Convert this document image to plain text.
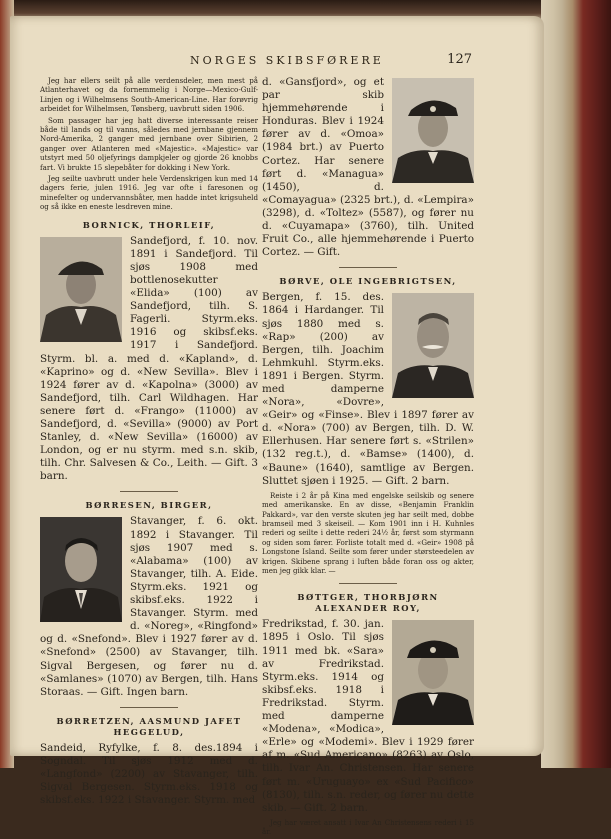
NORGES SKIBSFØRERE	127

Jeg har ellers seilt på alle verdensdeler, men mest på Atlanterhavet og da fornemmelig i Norge—Mexico-Gulf-Linjen og i Wilhelmsens South-American-Line. Har forøvrig arbeidet for Wilhelmsen, Tønsberg, uavbrutt siden 1906.

Som passager har jeg hatt diverse interessante reiser både til lands og til vanns, således med jernbane gjennem Nord-Amerika, 2 ganger med jernbane over Sibirien, 2 ganger over Atlanteren med «Majestic». «Majestic» var utstyrt med 50 oljefyrings dampkjeler og gjorde 26 knobbs fart. Vi brukte 15 slepebåter for dokking i New York.

Jeg seilte uavbrutt under hele Verdenskrigen kun med 14 dagers ferie, julen 1916. Jeg var ofte i faresonen og minefelter og undervannsbåter, men hadde intet krigsuheld og så ikke en eneste lesdreven mine.

BORNICK, THORLEIF,

Sandefjord, f. 10. nov. 1891 i Sandefjord. Til sjøs 1908 med bottlenosekutter «Elida» (100) av Sandefjord, tilh. S. Fagerli. Styrm.eks. 1916 og skibsf.eks. 1917 i Sandefjord. Styrm. bl. a. med d. «Kapland», d. «Kaprino» og d. «New Sevilla». Blev i 1924 fører av d. «Kapolna» (3000) av Sandefjord, tilh. Carl Wildhagen. Har senere ført d. «Frango» (11000) av Sandefjord, d. «Sevilla» (9000) av Port Stanley, d. «New Sevilla» (16000) av London, og er nu styrm. med s.n. skib, tilh. Chr. Salvesen & Co., Leith. — Gift. 3 barn.

BØRRESEN, BIRGER,

Stavanger, f. 6. okt. 1892 i Stavanger. Til sjøs 1907 med s. «Alabama» (100) av Stavanger, tilh. A. Eide. Styrm.eks. 1921 og skibsf.eks. 1922 i Stavanger. Styrm. med d. «Noreg», «Ringfond» og d. «Snefond». Blev i 1927 fører av d. «Snefond» (2500) av Stavanger, tilh. Sigval Bergesen, og fører nu d. «Samlanes» (1070) av Bergen, tilh. Hans Storaas. — Gift. Ingen barn.

BØRRETZEN, AASMUND JAFET HEGGELUD,

Sandeid, Ryfylke, f. 8. des.1894 i Sogndal. Til sjøs 1912 med d. «Langfond» (2200) av Stavanger, tilh. Sigval Bergesen. Styrm.eks. 1918 og skibsf.eks. 1922 i Stavanger. Styrm. med

d. «Gansfjord», og et par skib hjemmehørende i Honduras. Blev i 1924 fører av d. «Omoa» (1984 brt.) av Puerto Cortez. Har senere ført d. «Managua» (1450), d. «Comayagua» (2325 brt.), d. «Lempira» (3298), d. «Toltez» (5587), og fører nu d. «Cuyamapa» (3760), tilh. United Fruit Co., alle hjemmehørende i Puerto Cortez. — Gift.

BØRVE, OLE INGEBRIGTSEN,

Bergen, f. 15. des. 1864 i Hardanger. Til sjøs 1880 med s. «Rap» (200) av Bergen, tilh. Joachim Lehmkuhl. Styrm.eks. 1891 i Bergen. Styrm. med damperne «Nora», «Dovre», «Geir» og «Finse». Blev i 1897 fører av d. «Nora» (700) av Bergen, tilh. D. W. Ellerhusen. Har senere ført s. «Strilen» (132 reg.t.), d. «Bamse» (1400), d. «Baune» (1640), samtlige av Bergen. Sluttet sjøen i 1925. — Gift. 2 barn.

Reiste i 2 år på Kina med engelske seilskib og senere med amerikanske. En av disse, «Benjamin Franklin Pakkard», var den verste skuten jeg har seilt med, dobbe bramseil med 3 skeiseil. — Kom 1901 inn i H. Kuhnles rederi og seilte i dette rederi 24½ år, først som styrmann og siden som fører. Forliste totalt med d. «Geir» 1908 på Longstone Island. Seilte som fører under størsteedelen av krigen. Skibene sprang i luften både foran oss og akter, men jeg gikk klar. —

BØTTGER, THORBJØRN ALEXANDER ROY,

Fredrikstad, f. 30. jan. 1895 i Oslo. Til sjøs 1911 med bk. «Sara» av Fredrikstad. Styrm.eks. 1914 og skibsf.eks. 1918 i Fredrikstad. Styrm. med damperne «Modena», «Modica», «Erle» og «Modemi». Blev i 1929 fører af m. «Sud Americano» (8263) av Oslo, tilh. Ivar An. Christensen. Har senere ført m. «Uruguayo» ex «Sud Pacifico» (8130), tilh. s.n. reder, og fører nu dette skib. — Gift. 2 barn.

Jeg har været ansatt i Ivar An Christensens rederi i 15 år.
